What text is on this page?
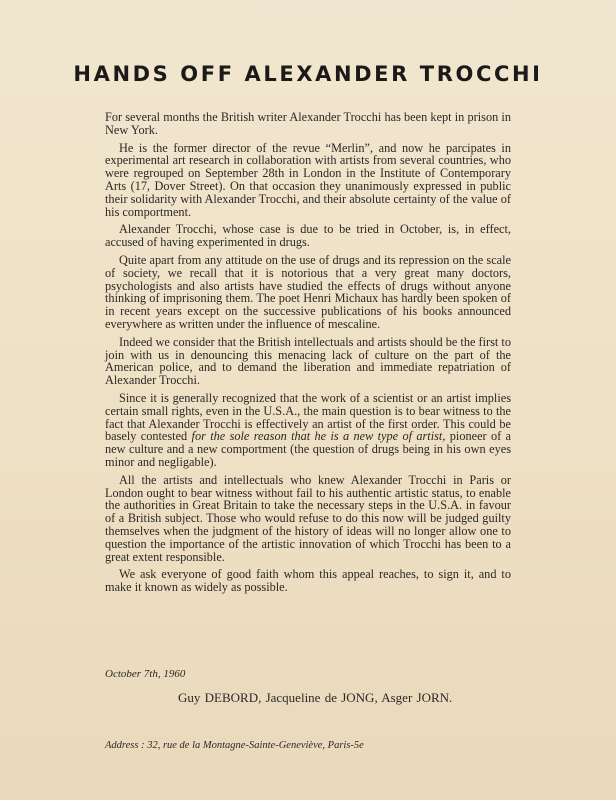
HANDS OFF ALEXANDER TROCCHI

For several months the British writer Alexander Trocchi has been kept in prison in New York.

He is the former director of the revue “Merlin”, and now he parcipates in experimental art research in collaboration with artists from several countries, who were regrouped on September 28th in London in the Institute of Contemporary Arts (17, Dover Street). On that occasion they unanimously expressed in public their solidarity with Alexander Trocchi, and their absolute certainty of the value of his comportment.

Alexander Trocchi, whose case is due to be tried in October, is, in effect, accused of having experimented in drugs.

Quite apart from any attitude on the use of drugs and its repression on the scale of society, we recall that it is notorious that a very great many doctors, psychologists and also artists have studied the effects of drugs without anyone thinking of imprisoning them. The poet Henri Michaux has hardly been spoken of in recent years except on the successive publications of his books announced everywhere as written under the influence of mescaline.

Indeed we consider that the British intellectuals and artists should be the first to join with us in denouncing this menacing lack of culture on the part of the American police, and to demand the liberation and immediate repatriation of Alexander Trocchi.

Since it is generally recognized that the work of a scientist or an artist implies certain small rights, even in the U.S.A., the main question is to bear witness to the fact that Alexander Trocchi is effectively an artist of the first order. This could be basely contested for the sole reason that he is a new type of artist, pioneer of a new culture and a new comportment (the question of drugs being in his own eyes minor and negligable).

All the artists and intellectuals who knew Alexander Trocchi in Paris or London ought to bear witness without fail to his authentic artistic status, to enable the authorities in Great Britain to take the necessary steps in the U.S.A. in favour of a British subject. Those who would refuse to do this now will be judged guilty themselves when the judgment of the history of ideas will no longer allow one to question the importance of the artistic innovation of which Trocchi has been to a great extent responsible.

We ask everyone of good faith whom this appeal reaches, to sign it, and to make it known as widely as possible.

October 7th, 1960
Guy DEBORD, Jacqueline de JONG, Asger JORN.
Address : 32, rue de la Montagne-Sainte-Geneviève, Paris-5e
